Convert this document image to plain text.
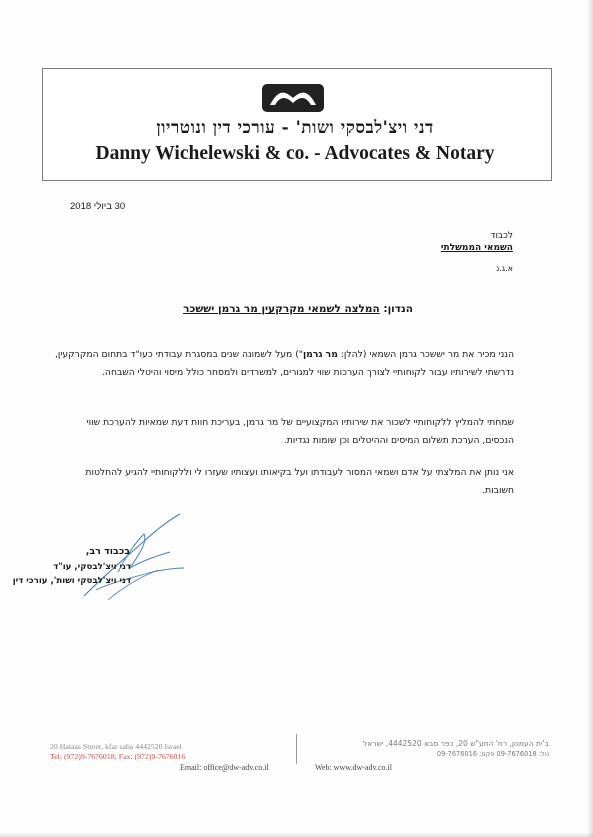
דני ויצ'לבסקי ושות' - עורכי דין ונוטריון
Danny Wichelewski & co. - Advocates & Notary
30 ביולי 2018
לכבוד
השמאי הממשלתי
א.ג.נ
הנדון: המלצה לשמאי מקרקעין מר גרמן יששכר
הנני מכיר את מר יששכר גרמן השמאי (להלן: מר גרמן") מעל לשמונה שנים במסגרת עבודתי כעו"ד בתחום המקרקעין, נדרשתי לשירותיו עבור לקוחותיי לצורך הערכות שווי למגורים, למשרדים ולמסחר כולל מיסוי והיטלי השבחה.
שמחתי להמליץ ללקוחותיי לשכור את שירותיו המקצועיים של מר גרמן, בעריכת חוות דעת שמאיות להערכת שווי הנכסים, הערכת תשלום המיסים וההיטלים וכן שומות נגדיות.
אני נותן את המלצתי על אדם ושמאי המסור לעבודתו ועל בקיאותו ועצותיו שעזרו לי וללקוחותיי להגיע להחלטות חשובות.
בכבוד רב,
דני ויצ'לבסקי, עו"ד
דני ויצ'לבסקי ושות', עורכי דין
20 Hataas Street, kfar saba 4442520 Israel
Tel: (972)9-7676018; Fax: (972)9-7676016
ב'ית העמנון, רח' התע"ש 20, כפר סבא 4442520, ישראל
טל: 09-7676018 פקס: 09-7676016
Email: office@dw-adv.co.il	Web: www.dw-adv.co.il
